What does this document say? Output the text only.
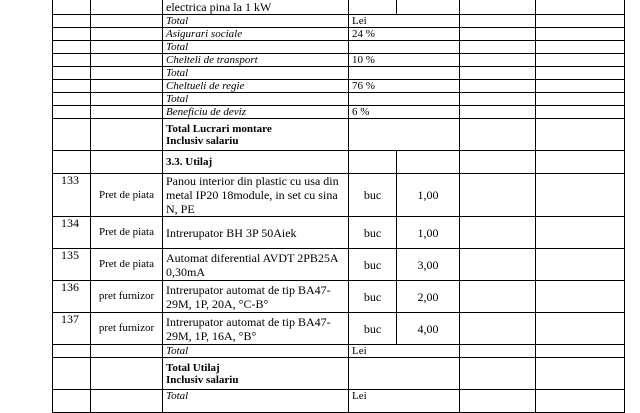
		electrica pina la 1 kW				
		Total	Lei			
		Asigurari sociale	24 %			
		Total				
		Chelteli de transport	10 %			
		Total				
		Cheltueli de regie	76 %			
		Total				
		Beneficiu de deviz	6 %			
		Total Lucrari montare
Inclusiv salariu				
		3.3. Utilaj				
133	Pret de piata	Panou interior din plastic cu usa din metal IP20 18module, in set cu sina N, PE	buc	1,00		
134	Pret de piata	Intrerupator BH 3P 50Aiek	buc	1,00		
135	Pret de piata	Automat diferential AVDT 2PB25A 0,30mA	buc	3,00		
136	pret furnizor	Intrerupator automat de tip BA47-29M, 1P, 20A, °C-B°	buc	2,00		
137	pret furnizor	Intrerupator automat de tip BA47-29M, 1P, 16A, °B°	buc	4,00		
		Total	Lei			
		Total Utilaj
Inclusiv salariu				
		Total	Lei			
